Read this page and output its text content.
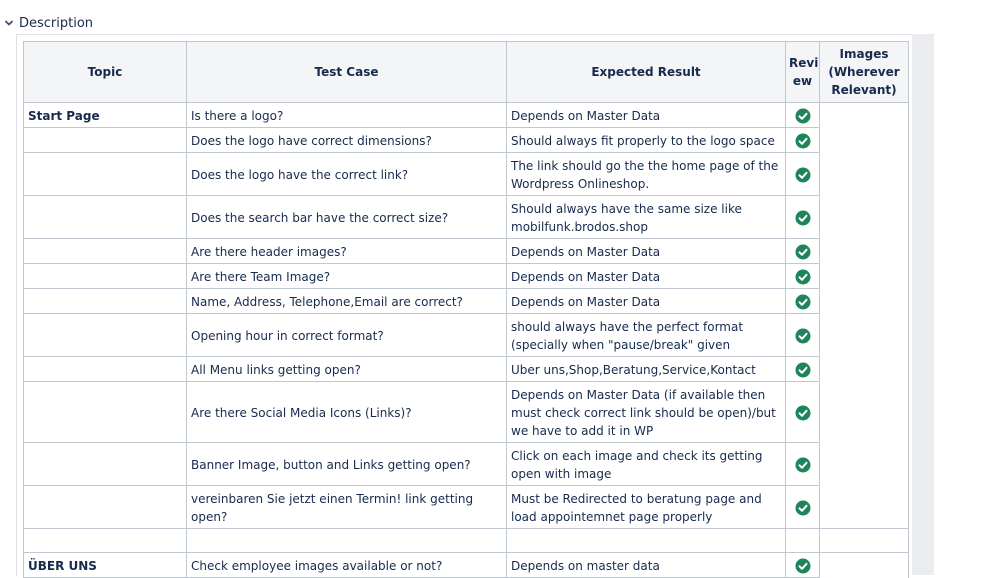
Description
Topic	Test Case	Expected Result	Revi ew	Images (Wherever Relevant)
Start Page	Is there a logo?	Depends on Master Data		
	Does the logo have correct dimensions?	Should always fit properly to the logo space		
	Does the logo have the correct link?	The link should go the the home page of the Wordpress Onlineshop.		
	Does the search bar have the correct size?	Should always have the same size like mobilfunk.brodos.shop		
	Are there header images?	Depends on Master Data		
	Are there Team Image?	Depends on Master Data		
	Name, Address, Telephone,Email are correct?	Depends on Master Data		
	Opening hour in correct format?	should always have the perfect format (specially when "pause/break" given		
	All Menu links getting open?	Uber uns,Shop,Beratung,Service,Kontact		
	Are there Social Media Icons (Links)?	Depends on Master Data (if available then must check correct link should be open)/but we have to add it in WP		
	Banner Image, button and Links getting open?	Click on each image and check its getting open with image		
	vereinbaren Sie jetzt einen Termin! link getting open?	Must be Redirected to beratung page and load appointemnet page properly		

ÜBER UNS	Check employee images available or not?	Depends on master data		
